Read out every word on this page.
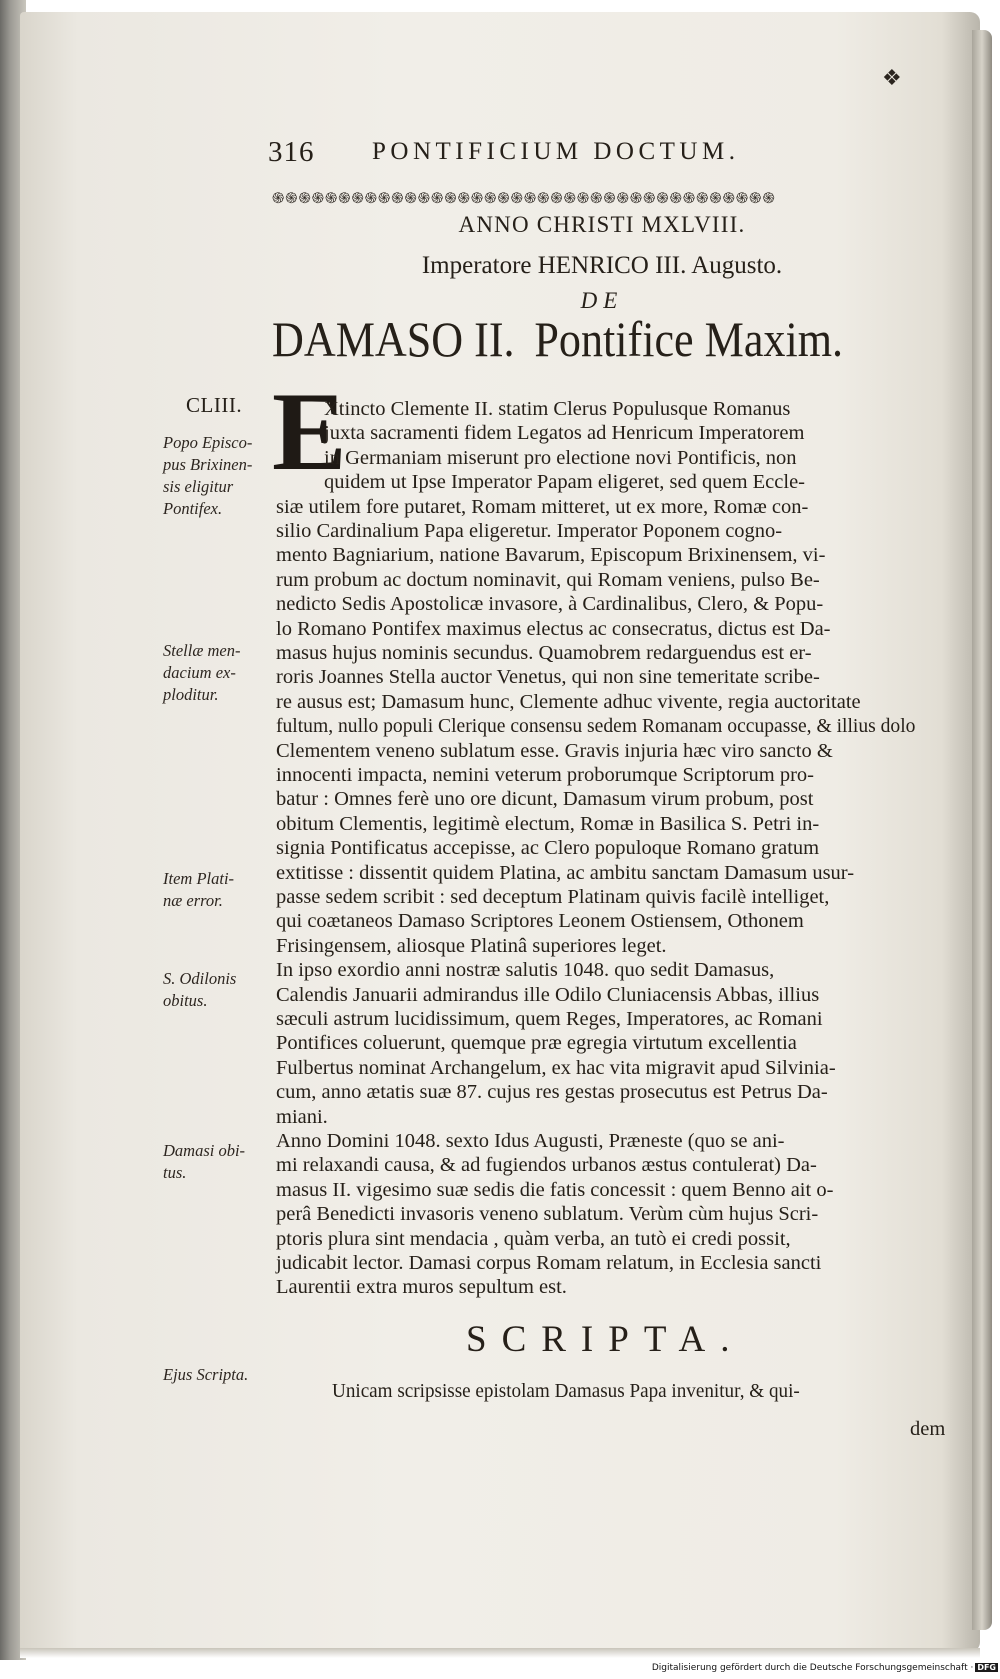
❖
316 PONTIFICIUM DOCTUM.
֍֍֍֍֍֍֍֍֍֍֍֍֍֍֍֍֍֍֍֍֍֍֍֍֍֍֍֍֍֍֍֍֍֍֍֍֍֍
ANNO CHRISTI MXLVIII.
Imperatore HENRICO III. Augusto.
DE
DAMASO II. Pontifice Maxim.
CLIII.
Popo Episco-
pus Brixinen-
sis eligitur
Pontifex.
Stellæ men-
dacium ex-
ploditur.
Item Plati-
næ error.
S. Odilonis
obitus.
Damasi obi-
tus.
Ejus Scripta.
E
Xtincto Clemente II. statim Clerus Populusque Romanus
juxta sacramenti fidem Legatos ad Henricum Imperatorem
in Germaniam miserunt pro electione novi Pontificis, non
quidem ut Ipse Imperator Papam eligeret, sed quem Eccle-
siæ utilem fore putaret, Romam mitteret, ut ex more, Romæ con-
silio Cardinalium Papa eligeretur. Imperator Poponem cogno-
mento Bagniarium, natione Bavarum, Episcopum Brixinensem, vi-
rum probum ac doctum nominavit, qui Romam veniens, pulso Be-
nedicto Sedis Apostolicæ invasore, à Cardinalibus, Clero, & Popu-
lo Romano Pontifex maximus electus ac consecratus, dictus est Da-
masus hujus nominis secundus. Quamobrem redarguendus est er-
roris Joannes Stella auctor Venetus, qui non sine temeritate scribe-
re ausus est; Damasum hunc, Clemente adhuc vivente, regia auctoritate
fultum, nullo populi Clerique consensu sedem Romanam occupasse, & illius dolo
Clementem veneno sublatum esse. Gravis injuria hæc viro sancto &
innocenti impacta, nemini veterum proborumque Scriptorum pro-
batur : Omnes ferè uno ore dicunt, Damasum virum probum, post
obitum Clementis, legitimè electum, Romæ in Basilica S. Petri in-
signia Pontificatus accepisse, ac Clero populoque Romano gratum
extitisse : dissentit quidem Platina, ac ambitu sanctam Damasum usur-
passe sedem scribit : sed deceptum Platinam quivis facilè intelliget,
qui coætaneos Damaso Scriptores Leonem Ostiensem, Othonem
Frisingensem, aliosque Platinâ superiores leget.
In ipso exordio anni nostræ salutis 1048. quo sedit Damasus,
Calendis Januarii admirandus ille Odilo Cluniacensis Abbas, illius
sæculi astrum lucidissimum, quem Reges, Imperatores, ac Romani
Pontifices coluerunt, quemque præ egregia virtutum excellentia
Fulbertus nominat Archangelum, ex hac vita migravit apud Silvinia-
cum, anno ætatis suæ 87. cujus res gestas prosecutus est Petrus Da-
miani.
Anno Domini 1048. sexto Idus Augusti, Præneste (quo se ani-
mi relaxandi causa, & ad fugiendos urbanos æstus contulerat) Da-
masus II. vigesimo suæ sedis die fatis concessit : quem Benno ait o-
perâ Benedicti invasoris veneno sublatum. Verùm cùm hujus Scri-
ptoris plura sint mendacia , quàm verba, an tutò ei credi possit,
judicabit lector. Damasi corpus Romam relatum, in Ecclesia sancti
Laurentii extra muros sepultum est.
SCRIPTA.
Unicam scripsisse epistolam Damasus Papa invenitur, & qui-
dem
Digitalisierung gefördert durch die Deutsche Forschungsgemeinschaft · DFG
